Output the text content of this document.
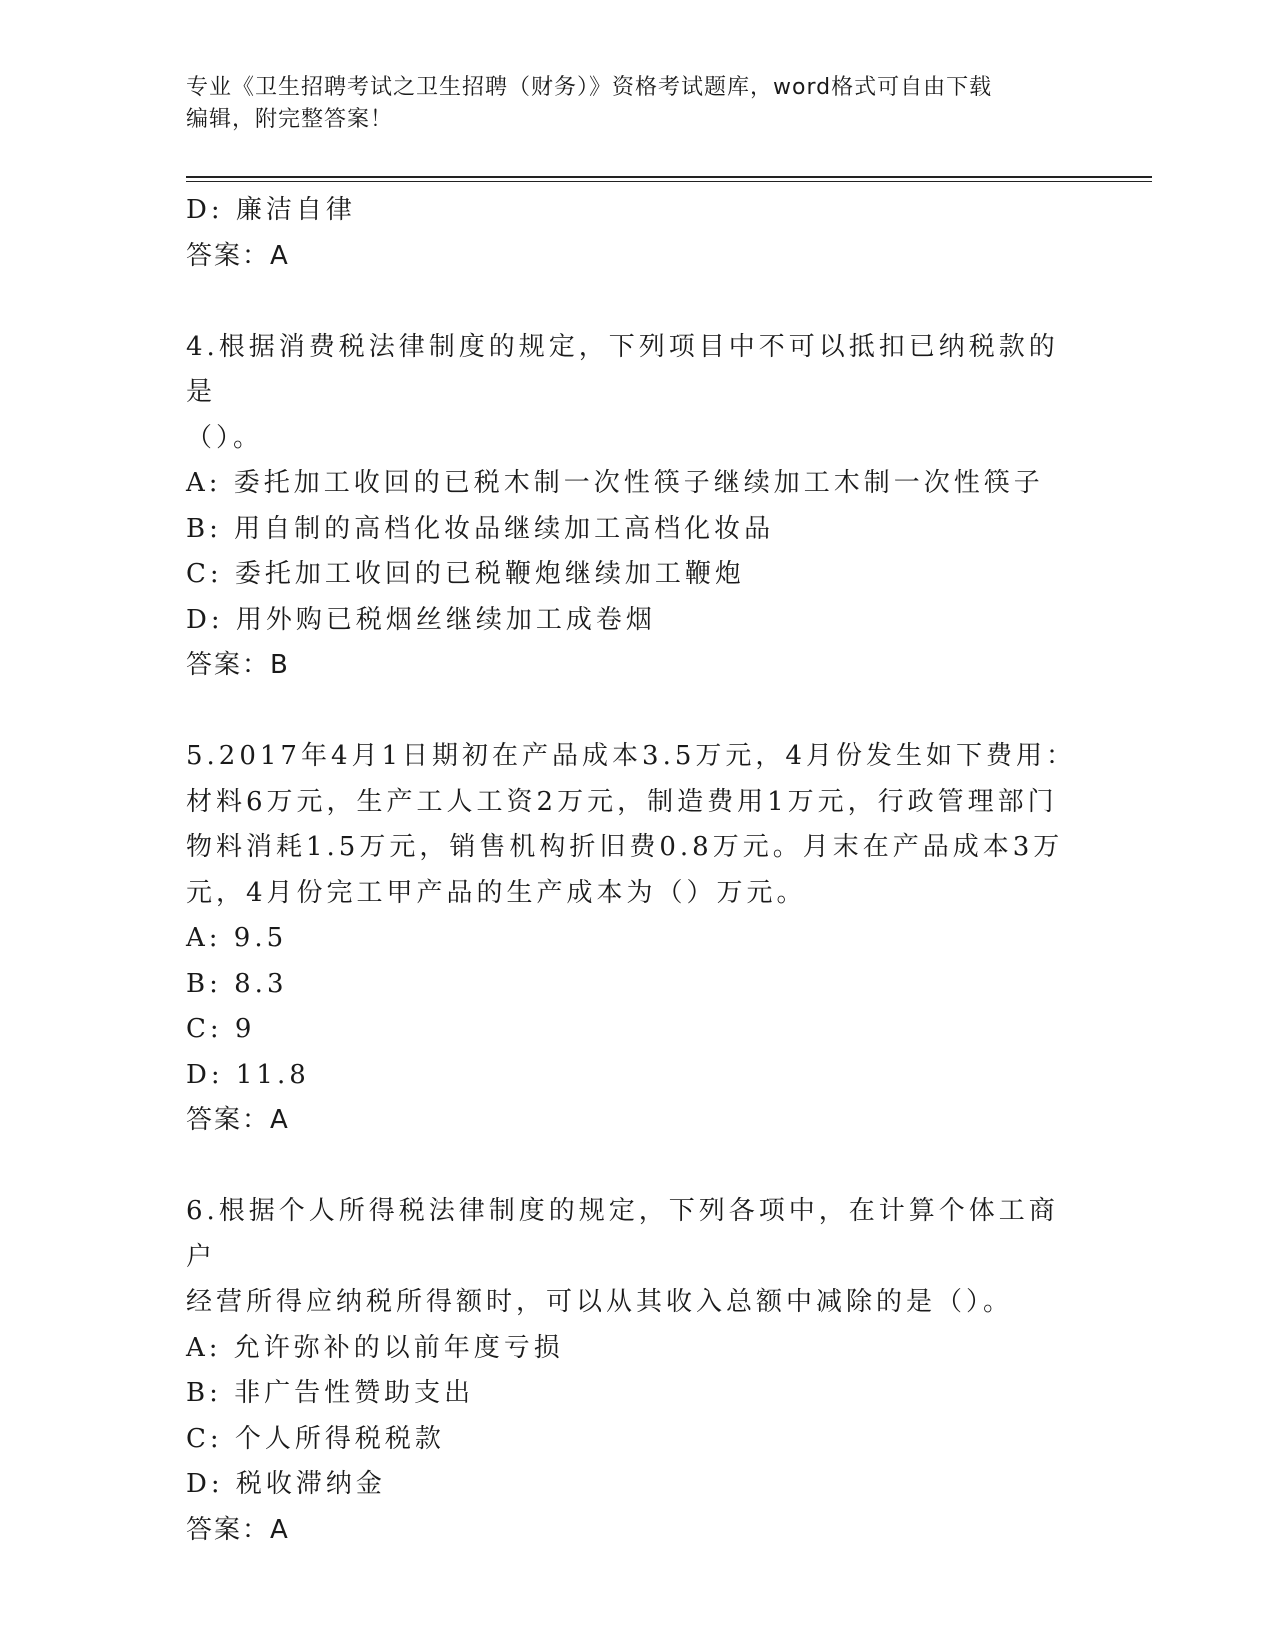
专业《卫生招聘考试之卫生招聘（财务）》资格考试题库，word格式可自由下载
编辑，附完整答案！
D: 廉洁自律
答案：A
4.根据消费税法律制度的规定，下列项目中不可以抵扣已纳税款的是
（）。
A: 委托加工收回的已税木制一次性筷子继续加工木制一次性筷子
B: 用自制的高档化妆品继续加工高档化妆品
C: 委托加工收回的已税鞭炮继续加工鞭炮
D: 用外购已税烟丝继续加工成卷烟
答案：B
5.2017年4月1日期初在产品成本3.5万元，4月份发生如下费用：
材料6万元，生产工人工资2万元，制造费用1万元，行政管理部门
物料消耗1.5万元，销售机构折旧费0.8万元。月末在产品成本3万
元，4月份完工甲产品的生产成本为（）万元。
A: 9.5
B: 8.3
C: 9
D: 11.8
答案：A
6.根据个人所得税法律制度的规定，下列各项中，在计算个体工商户
经营所得应纳税所得额时，可以从其收入总额中减除的是（）。
A: 允许弥补的以前年度亏损
B: 非广告性赞助支出
C: 个人所得税税款
D: 税收滞纳金
答案：A
